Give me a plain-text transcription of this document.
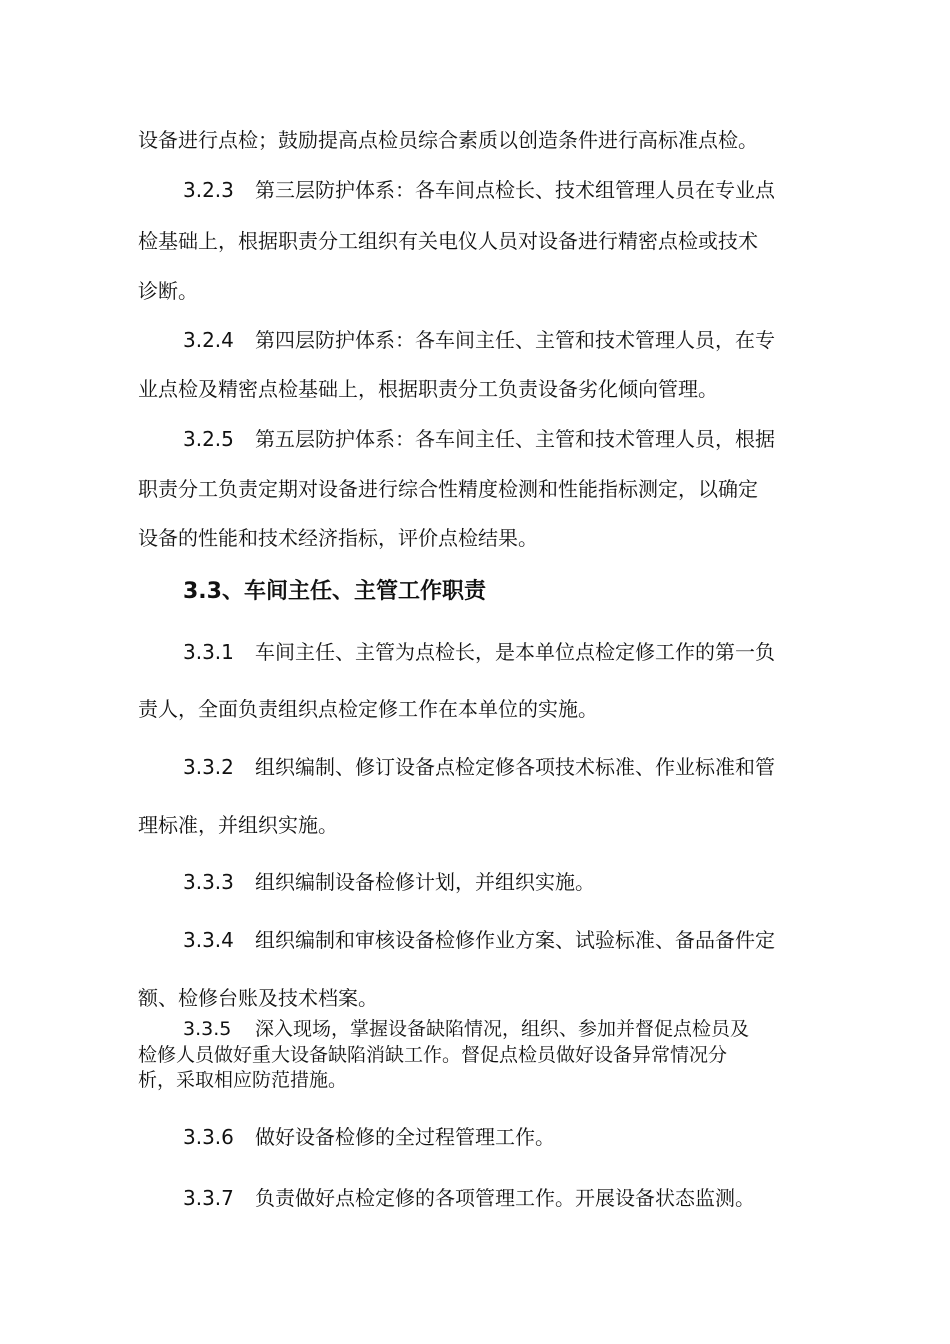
设备进行点检；鼓励提高点检员综合素质以创造条件进行高标准点检。
3.2.3 第三层防护体系：各车间点检长、技术组管理人员在专业点
检基础上，根据职责分工组织有关电仪人员对设备进行精密点检或技术
诊断。
3.2.4 第四层防护体系：各车间主任、主管和技术管理人员，在专
业点检及精密点检基础上，根据职责分工负责设备劣化倾向管理。
3.2.5 第五层防护体系：各车间主任、主管和技术管理人员，根据
职责分工负责定期对设备进行综合性精度检测和性能指标测定，以确定
设备的性能和技术经济指标，评价点检结果。
3.3、车间主任、主管工作职责
3.3.1 车间主任、主管为点检长，是本单位点检定修工作的第一负
责人，全面负责组织点检定修工作在本单位的实施。
3.3.2 组织编制、修订设备点检定修各项技术标准、作业标准和管
理标准，并组织实施。
3.3.3 组织编制设备检修计划，并组织实施。
3.3.4 组织编制和审核设备检修作业方案、试验标准、备品备件定
额、检修台账及技术档案。
3.3.5 深入现场，掌握设备缺陷情况，组织、参加并督促点检员及
检修人员做好重大设备缺陷消缺工作。督促点检员做好设备异常情况分
析，采取相应防范措施。
3.3.6 做好设备检修的全过程管理工作。
3.3.7 负责做好点检定修的各项管理工作。开展设备状态监测。
